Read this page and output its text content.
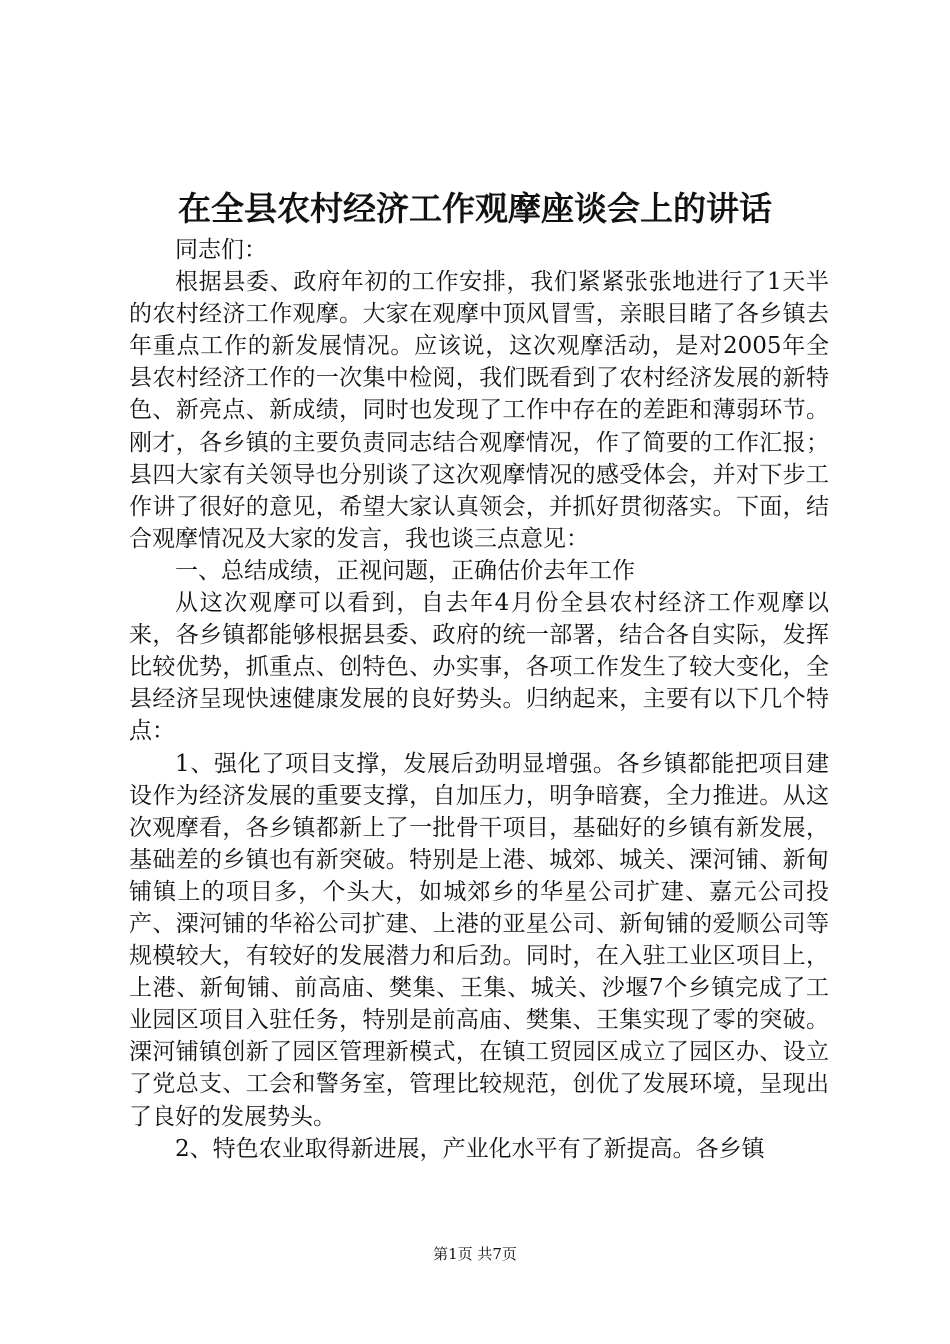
在全县农村经济工作观摩座谈会上的讲话

同志们：

根据县委、政府年初的工作安排，我们紧紧张张地进行了1天半的农村经济工作观摩。大家在观摩中顶风冒雪，亲眼目睹了各乡镇去年重点工作的新发展情况。应该说，这次观摩活动，是对2005年全县农村经济工作的一次集中检阅，我们既看到了农村经济发展的新特色、新亮点、新成绩，同时也发现了工作中存在的差距和薄弱环节。刚才，各乡镇的主要负责同志结合观摩情况，作了简要的工作汇报；县四大家有关领导也分别谈了这次观摩情况的感受体会，并对下步工作讲了很好的意见，希望大家认真领会，并抓好贯彻落实。下面，结合观摩情况及大家的发言，我也谈三点意见：

一、总结成绩，正视问题，正确估价去年工作

从这次观摩可以看到，自去年4月份全县农村经济工作观摩以来，各乡镇都能够根据县委、政府的统一部署，结合各自实际，发挥比较优势，抓重点、创特色、办实事，各项工作发生了较大变化，全县经济呈现快速健康发展的良好势头。归纳起来，主要有以下几个特点：

1、强化了项目支撑，发展后劲明显增强。各乡镇都能把项目建设作为经济发展的重要支撑，自加压力，明争暗赛，全力推进。从这次观摩看，各乡镇都新上了一批骨干项目，基础好的乡镇有新发展，基础差的乡镇也有新突破。特别是上港、城郊、城关、溧河铺、新甸铺镇上的项目多，个头大，如城郊乡的华星公司扩建、嘉元公司投产、溧河铺的华裕公司扩建、上港的亚星公司、新甸铺的爱顺公司等规模较大，有较好的发展潜力和后劲。同时，在入驻工业区项目上，上港、新甸铺、前高庙、樊集、王集、城关、沙堰7个乡镇完成了工业园区项目入驻任务，特别是前高庙、樊集、王集实现了零的突破。溧河铺镇创新了园区管理新模式，在镇工贸园区成立了园区办、设立了党总支、工会和警务室，管理比较规范，创优了发展环境，呈现出了良好的发展势头。

2、特色农业取得新进展，产业化水平有了新提高。各乡镇

第1页 共7页
